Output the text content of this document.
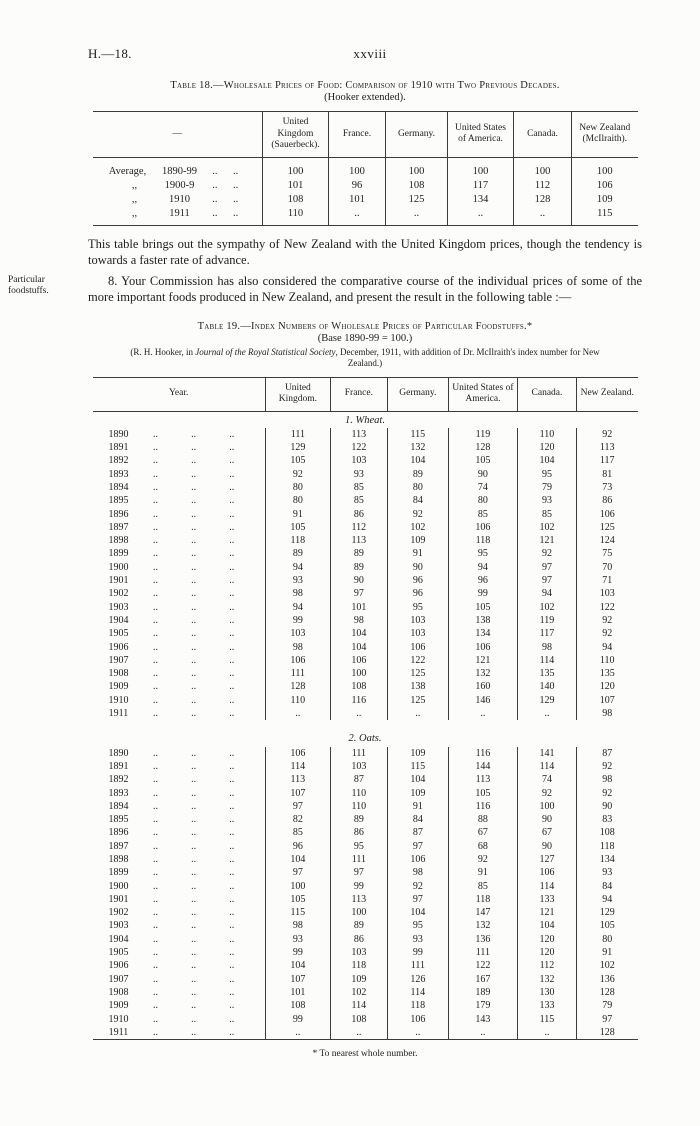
H.—18.	xxviii
Table 18.—Wholesale Prices of Food: Comparison of 1910 with Two Previous Decades.
(Hooker extended).
—	United Kingdom (Sauerbeck).	France.	Germany.	United States of America.	Canada.	New Zealand (McIlraith).

Average,	1890-99	..	..	100	100	100	100	100	100

,,	1900-9	..	..	101	96	108	117	112	106

,,	1910	..	..	108	101	125	134	128	109

,,	1911	..	..	110	..	..	..	..	115

This table brings out the sympathy of New Zealand with the United Kingdom prices, though the tendency is towards a faster rate of advance.

Particular foodstuffs.
8. Your Commission has also considered the comparative course of the individual prices of some of the more important foods produced in New Zealand, and present the result in the following table :—

Table 19.—Index Numbers of Wholesale Prices of Particular Foodstuffs.*
(Base 1890-99 = 100.)
(R. H. Hooker, in Journal of the Royal Statistical Society, December, 1911, with addition of Dr. McIlraith's index number for New Zealand.)
Year.	United Kingdom.	France.	Germany.	United States of America.	Canada.	New Zealand.
1. Wheat.						

1890	..	..	..	111	113	115	119	110	92

1891	..	..	..	129	122	132	128	120	113

1892	..	..	..	105	103	104	105	104	117

1893	..	..	..	92	93	89	90	95	81

1894	..	..	..	80	85	80	74	79	73

1895	..	..	..	80	85	84	80	93	86

1896	..	..	..	91	86	92	85	85	106

1897	..	..	..	105	112	102	106	102	125

1898	..	..	..	118	113	109	118	121	124

1899	..	..	..	89	89	91	95	92	75

1900	..	..	..	94	89	90	94	97	70

1901	..	..	..	93	90	96	96	97	71

1902	..	..	..	98	97	96	99	94	103

1903	..	..	..	94	101	95	105	102	122

1904	..	..	..	99	98	103	138	119	92

1905	..	..	..	103	104	103	134	117	92

1906	..	..	..	98	104	106	106	98	94

1907	..	..	..	106	106	122	121	114	110

1908	..	..	..	111	100	125	132	135	135

1909	..	..	..	128	108	138	160	140	120

1910	..	..	..	110	116	125	146	129	107

1911	..	..	..	..	..	..	..	..	98
2. Oats.						

1890	..	..	..	106	111	109	116	141	87

1891	..	..	..	114	103	115	144	114	92

1892	..	..	..	113	87	104	113	74	98

1893	..	..	..	107	110	109	105	92	92

1894	..	..	..	97	110	91	116	100	90

1895	..	..	..	82	89	84	88	90	83

1896	..	..	..	85	86	87	67	67	108

1897	..	..	..	96	95	97	68	90	118

1898	..	..	..	104	111	106	92	127	134

1899	..	..	..	97	97	98	91	106	93

1900	..	..	..	100	99	92	85	114	84

1901	..	..	..	105	113	97	118	133	94

1902	..	..	..	115	100	104	147	121	129

1903	..	..	..	98	89	95	132	104	105

1904	..	..	..	93	86	93	136	120	80

1905	..	..	..	99	103	99	111	120	91

1906	..	..	..	104	118	111	122	112	102

1907	..	..	..	107	109	126	167	132	136

1908	..	..	..	101	102	114	189	130	128

1909	..	..	..	108	114	118	179	133	79

1910	..	..	..	99	108	106	143	115	97

1911	..	..	..	..	..	..	..	..	128
* To nearest whole number.
